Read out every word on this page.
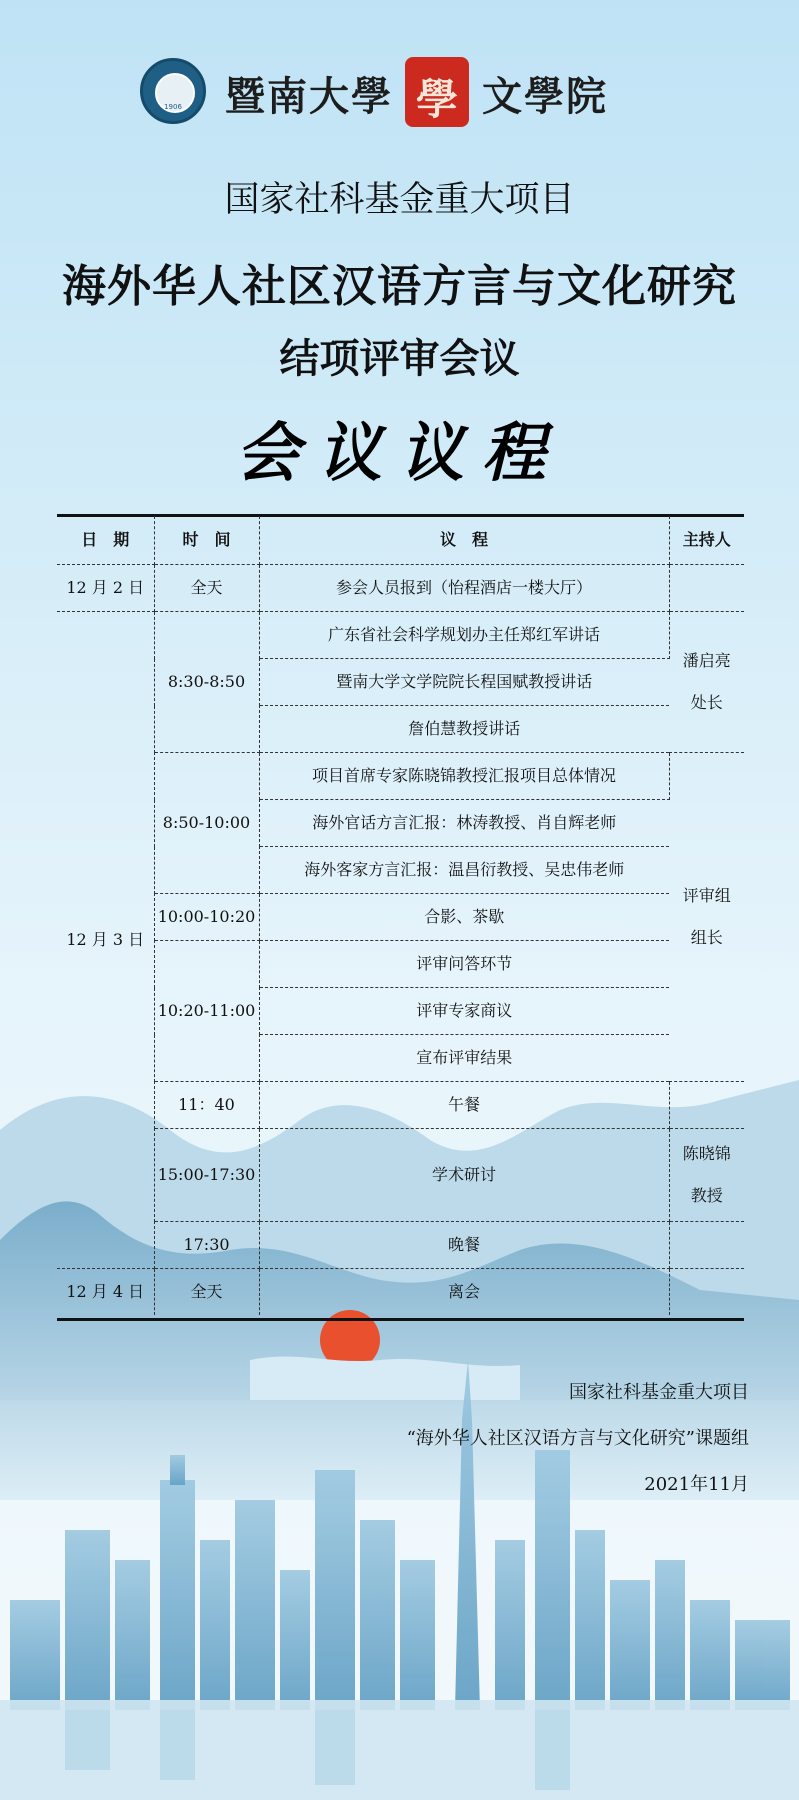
1906	暨南大學 學 文學院
国家社科基金重大项目
海外华人社区汉语方言与文化研究
结项评审会议
会议议程
日　期	时　间	议　程	主持人
12 月 2 日	全天	参会人员报到（怡程酒店一楼大厅）	
12 月 3 日	8:30-8:50	广东省社会科学规划办主任郑红军讲话	潘启亮
处长

		暨南大学文学院院长程国赋教授讲话	
		詹伯慧教授讲话	
	8:50-10:00	项目首席专家陈晓锦教授汇报项目总体情况	评审组
组长

		海外官话方言汇报：林涛教授、肖自辉老师	
		海外客家方言汇报：温昌衍教授、吴忠伟老师	
	10:00-10:20	合影、茶歇	
	10:20-11:00	评审问答环节	
		评审专家商议	
		宣布评审结果	
	11：40	午餐	
	15:00-17:30	学术研讨	陈晓锦
教授

	17:30	晚餐	
12 月 4 日	全天	离会	
国家社科基金重大项目
“海外华人社区汉语方言与文化研究”课题组
2021年11月
